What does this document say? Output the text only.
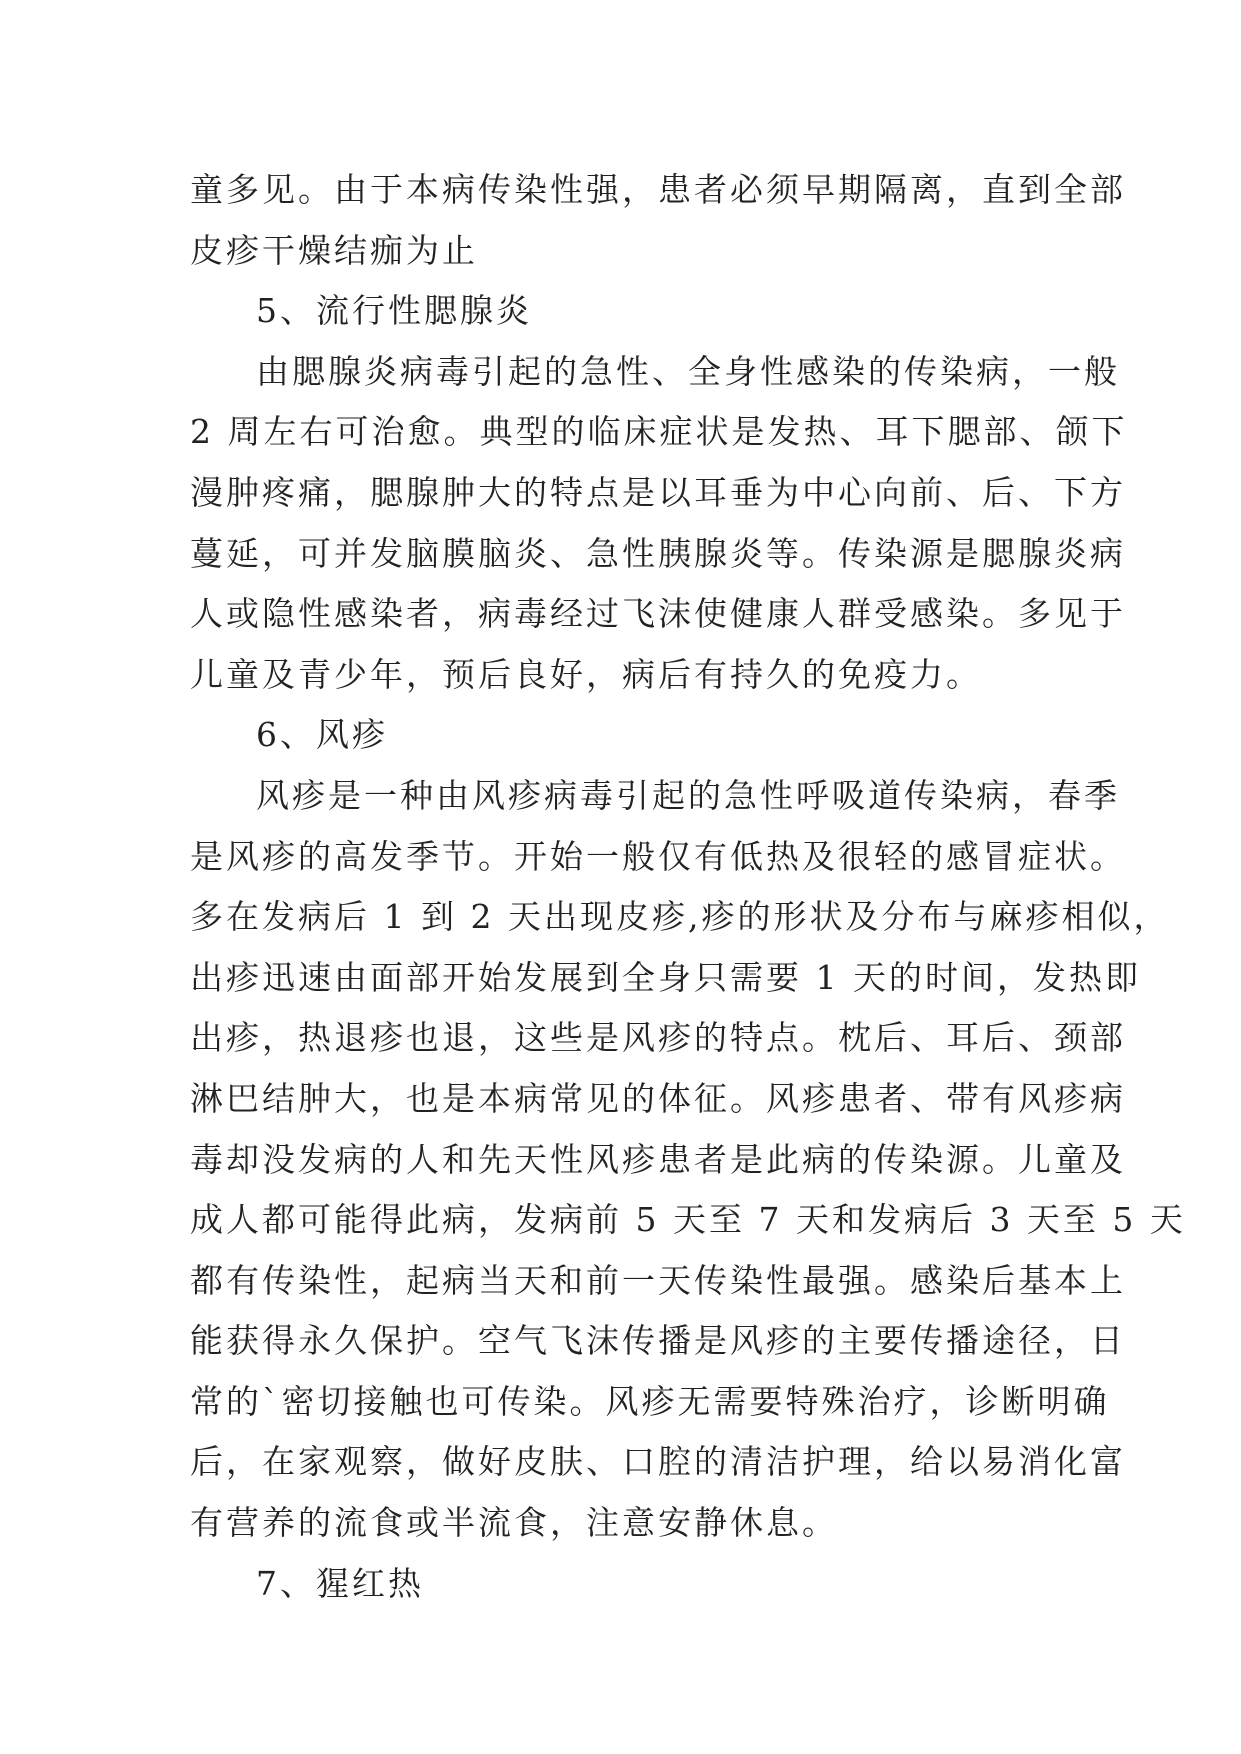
童多见。由于本病传染性强，患者必须早期隔离，直到全部
皮疹干燥结痂为止
5、流行性腮腺炎
由腮腺炎病毒引起的急性、全身性感染的传染病，一般
2 周左右可治愈。典型的临床症状是发热、耳下腮部、颌下
漫肿疼痛，腮腺肿大的特点是以耳垂为中心向前、后、下方
蔓延，可并发脑膜脑炎、急性胰腺炎等。传染源是腮腺炎病
人或隐性感染者，病毒经过飞沫使健康人群受感染。多见于
儿童及青少年，预后良好，病后有持久的免疫力。
6、风疹
风疹是一种由风疹病毒引起的急性呼吸道传染病，春季
是风疹的高发季节。开始一般仅有低热及很轻的感冒症状。
多在发病后 1 到 2 天出现皮疹,疹的形状及分布与麻疹相似，
出疹迅速由面部开始发展到全身只需要 1 天的时间，发热即
出疹，热退疹也退，这些是风疹的特点。枕后、耳后、颈部
淋巴结肿大，也是本病常见的体征。风疹患者、带有风疹病
毒却没发病的人和先天性风疹患者是此病的传染源。儿童及
成人都可能得此病，发病前 5 天至 7 天和发病后 3 天至 5 天
都有传染性，起病当天和前一天传染性最强。感染后基本上
能获得永久保护。空气飞沫传播是风疹的主要传播途径，日
常的`密切接触也可传染。风疹无需要特殊治疗，诊断明确
后，在家观察，做好皮肤、口腔的清洁护理，给以易消化富
有营养的流食或半流食，注意安静休息。
7、猩红热
